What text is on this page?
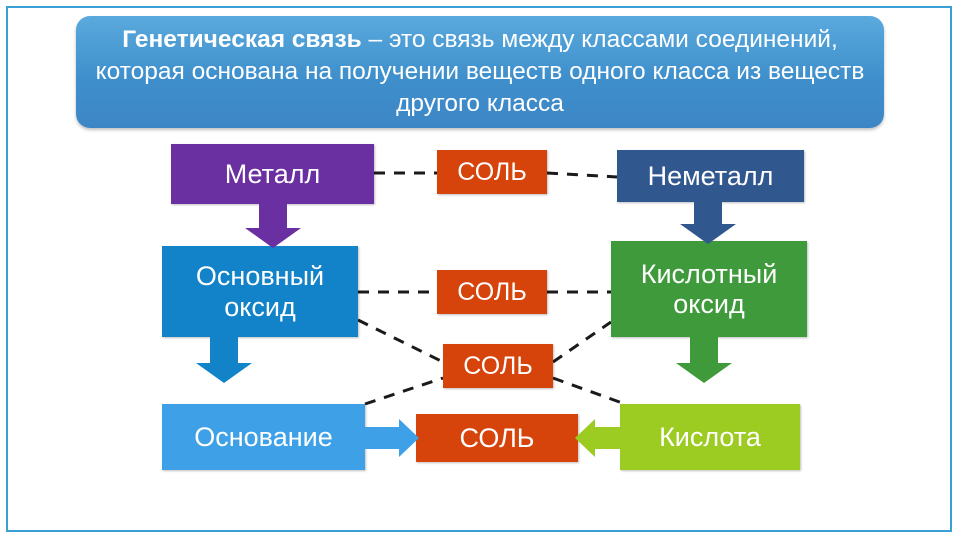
Генетическая связь – это связь между классами соединений, которая основана на получении веществ одного класса из веществ другого класса
Металл	Неметалл
Основный оксид
Кислотный оксид
Основание	Кислота
СОЛЬ
СОЛЬ
СОЛЬ
СОЛЬ
